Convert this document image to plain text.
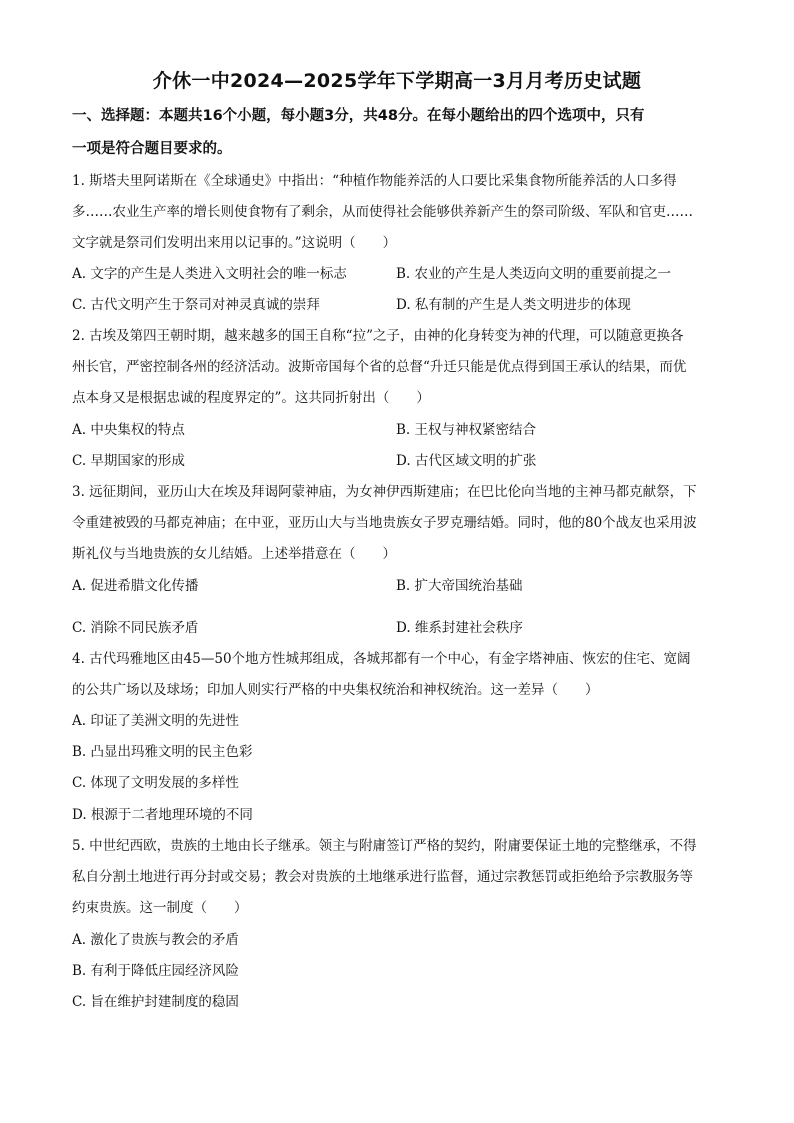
介休一中2024—2025学年下学期高一3月月考历史试题
一、选择题：本题共16个小题，每小题3分，共48分。在每小题给出的四个选项中，只有
一项是符合题目要求的。
1. 斯塔夫里阿诺斯在《全球通史》中指出：“种植作物能养活的人口要比采集食物所能养活的人口多得
多……农业生产率的增长则使食物有了剩余，从而使得社会能够供养新产生的祭司阶级、军队和官吏……
文字就是祭司们发明出来用以记事的。”这说明（　　）
A. 文字的产生是人类进入文明社会的唯一标志	B. 农业的产生是人类迈向文明的重要前提之一
C. 古代文明产生于祭司对神灵真诚的崇拜	D. 私有制的产生是人类文明进步的体现
2. 古埃及第四王朝时期，越来越多的国王自称“拉”之子，由神的化身转变为神的代理，可以随意更换各
州长官，严密控制各州的经济活动。波斯帝国每个省的总督“升迁只能是优点得到国王承认的结果，而优
点本身又是根据忠诚的程度界定的”。这共同折射出（　　）
A. 中央集权的特点	B. 王权与神权紧密结合
C. 早期国家的形成	D. 古代区域文明的扩张
3. 远征期间，亚历山大在埃及拜谒阿蒙神庙，为女神伊西斯建庙；在巴比伦向当地的主神马都克献祭，下
令重建被毁的马都克神庙；在中亚，亚历山大与当地贵族女子罗克珊结婚。同时，他的80个战友也采用波
斯礼仪与当地贵族的女儿结婚。上述举措意在（　　）
A. 促进希腊文化传播	B. 扩大帝国统治基础
C. 消除不同民族矛盾	D. 维系封建社会秩序
4. 古代玛雅地区由45—50个地方性城邦组成，各城邦都有一个中心，有金字塔神庙、恢宏的住宅、宽阔
的公共广场以及球场；印加人则实行严格的中央集权统治和神权统治。这一差异（　　）
A. 印证了美洲文明的先进性
B. 凸显出玛雅文明的民主色彩
C. 体现了文明发展的多样性
D. 根源于二者地理环境的不同
5. 中世纪西欧，贵族的土地由长子继承。领主与附庸签订严格的契约，附庸要保证土地的完整继承，不得
私自分割土地进行再分封或交易；教会对贵族的土地继承进行监督，通过宗教惩罚或拒绝给予宗教服务等
约束贵族。这一制度（　　）
A. 激化了贵族与教会的矛盾
B. 有利于降低庄园经济风险
C. 旨在维护封建制度的稳固
